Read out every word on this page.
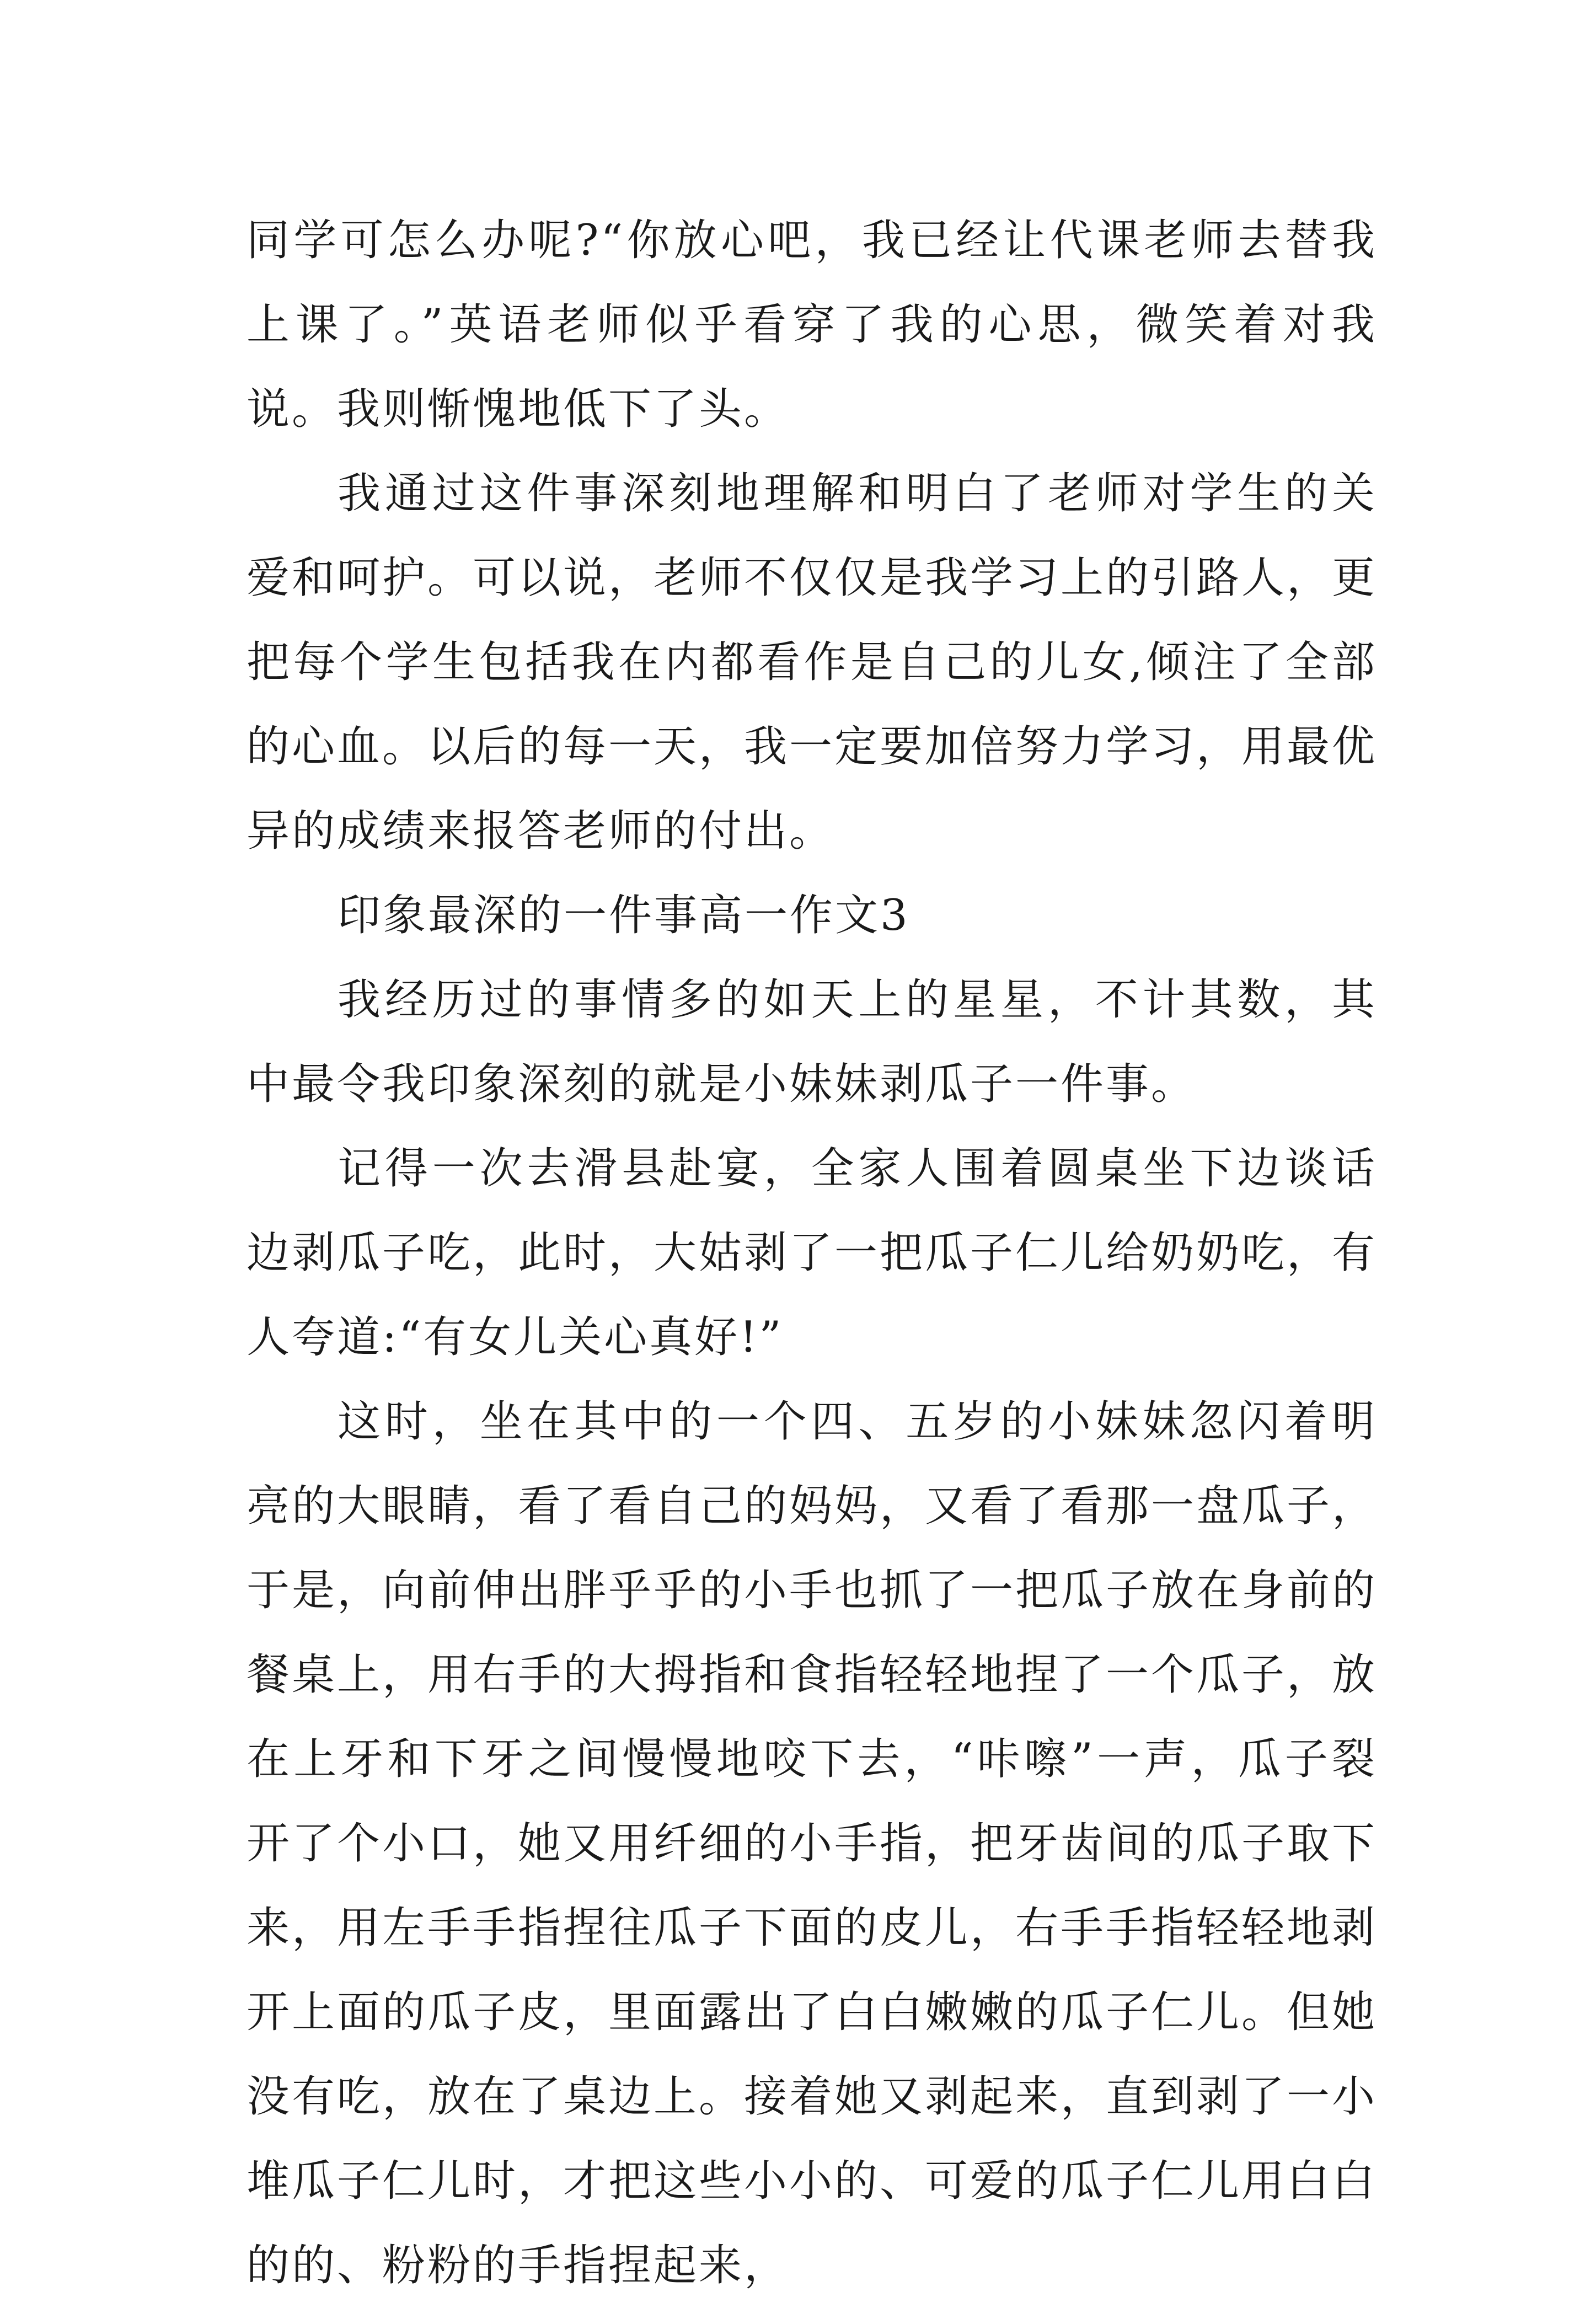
同学可怎么办呢?“你放心吧，我已经让代课老师去替我上课了。”英语老师似乎看穿了我的心思，微笑着对我说。我则惭愧地低下了头。

我通过这件事深刻地理解和明白了老师对学生的关爱和呵护。可以说，老师不仅仅是我学习上的引路人，更把每个学生包括我在内都看作是自己的儿女,倾注了全部的心血。以后的每一天，我一定要加倍努力学习，用最优异的成绩来报答老师的付出。

印象最深的一件事高一作文3

我经历过的事情多的如天上的星星，不计其数，其中最令我印象深刻的就是小妹妹剥瓜子一件事。

记得一次去滑县赴宴，全家人围着圆桌坐下边谈话边剥瓜子吃，此时，大姑剥了一把瓜子仁儿给奶奶吃，有人夸道:“有女儿关心真好!”

这时，坐在其中的一个四、五岁的小妹妹忽闪着明亮的大眼睛，看了看自己的妈妈，又看了看那一盘瓜子，于是，向前伸出胖乎乎的小手也抓了一把瓜子放在身前的餐桌上，用右手的大拇指和食指轻轻地捏了一个瓜子，放在上牙和下牙之间慢慢地咬下去，“咔嚓”一声，瓜子裂开了个小口，她又用纤细的小手指，把牙齿间的瓜子取下来，用左手手指捏往瓜子下面的皮儿，右手手指轻轻地剥开上面的瓜子皮，里面露出了白白嫩嫩的瓜子仁儿。但她没有吃，放在了桌边上。接着她又剥起来，直到剥了一小堆瓜子仁儿时，才把这些小小的、可爱的瓜子仁儿用白白的的、粉粉的手指捏起来，
